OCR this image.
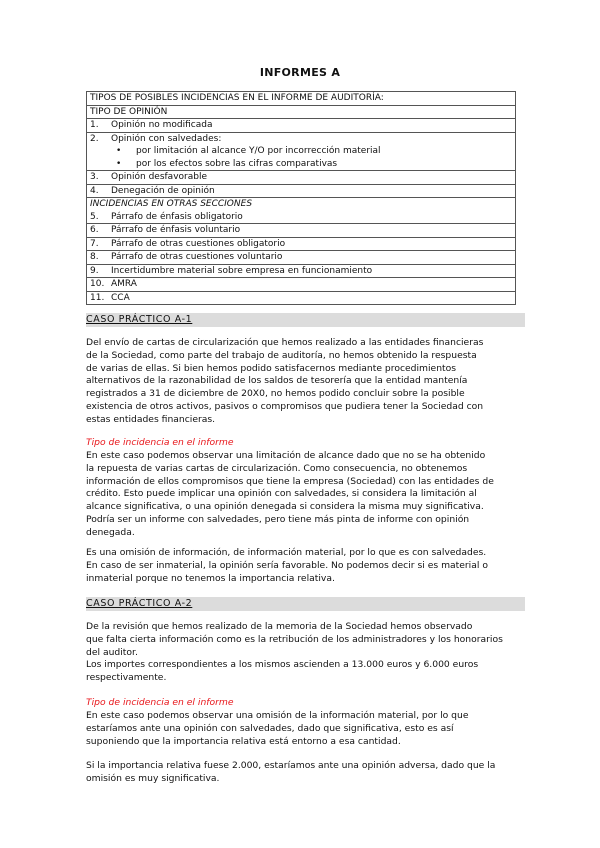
INFORMES A
TIPOS DE POSIBLES INCIDENCIAS EN EL INFORME DE AUDITORÍA:
TIPO DE OPINIÓN
1. Opinión no modificada
2. Opinión con salvedades:
• por limitación al alcance Y/O por incorrección material
• por los efectos sobre las cifras comparativas
3. Opinión desfavorable
4. Denegación de opinión
INCIDENCIAS EN OTRAS SECCIONES
5. Párrafo de énfasis obligatorio
6. Párrafo de énfasis voluntario
7. Párrafo de otras cuestiones obligatorio
8. Párrafo de otras cuestiones voluntario
9. Incertidumbre material sobre empresa en funcionamiento
10. AMRA
11. CCA
CASO PRÁCTICO A-1
Del envío de cartas de circularización que hemos realizado a las entidades financieras
de la Sociedad, como parte del trabajo de auditoría, no hemos obtenido la respuesta
de varias de ellas. Si bien hemos podido satisfacernos mediante procedimientos
alternativos de la razonabilidad de los saldos de tesorería que la entidad mantenía
registrados a 31 de diciembre de 20X0, no hemos podido concluir sobre la posible
existencia de otros activos, pasivos o compromisos que pudiera tener la Sociedad con
estas entidades financieras.
Tipo de incidencia en el informe
En este caso podemos observar una limitación de alcance dado que no se ha obtenido
la repuesta de varias cartas de circularización. Como consecuencia, no obtenemos
información de ellos compromisos que tiene la empresa (Sociedad) con las entidades de
crédito. Esto puede implicar una opinión con salvedades, si considera la limitación al
alcance significativa, o una opinión denegada si considera la misma muy significativa.
Podría ser un informe con salvedades, pero tiene más pinta de informe con opinión
denegada.
Es una omisión de información, de información material, por lo que es con salvedades.
En caso de ser inmaterial, la opinión sería favorable. No podemos decir si es material o
inmaterial porque no tenemos la importancia relativa.
CASO PRÁCTICO A-2
De la revisión que hemos realizado de la memoria de la Sociedad hemos observado
que falta cierta información como es la retribución de los administradores y los honorarios
del auditor.
Los importes correspondientes a los mismos ascienden a 13.000 euros y 6.000 euros
respectivamente.
Tipo de incidencia en el informe
En este caso podemos observar una omisión de la información material, por lo que
estaríamos ante una opinión con salvedades, dado que significativa, esto es así
suponiendo que la importancia relativa está entorno a esa cantidad.
Si la importancia relativa fuese 2.000, estaríamos ante una opinión adversa, dado que la
omisión es muy significativa.
